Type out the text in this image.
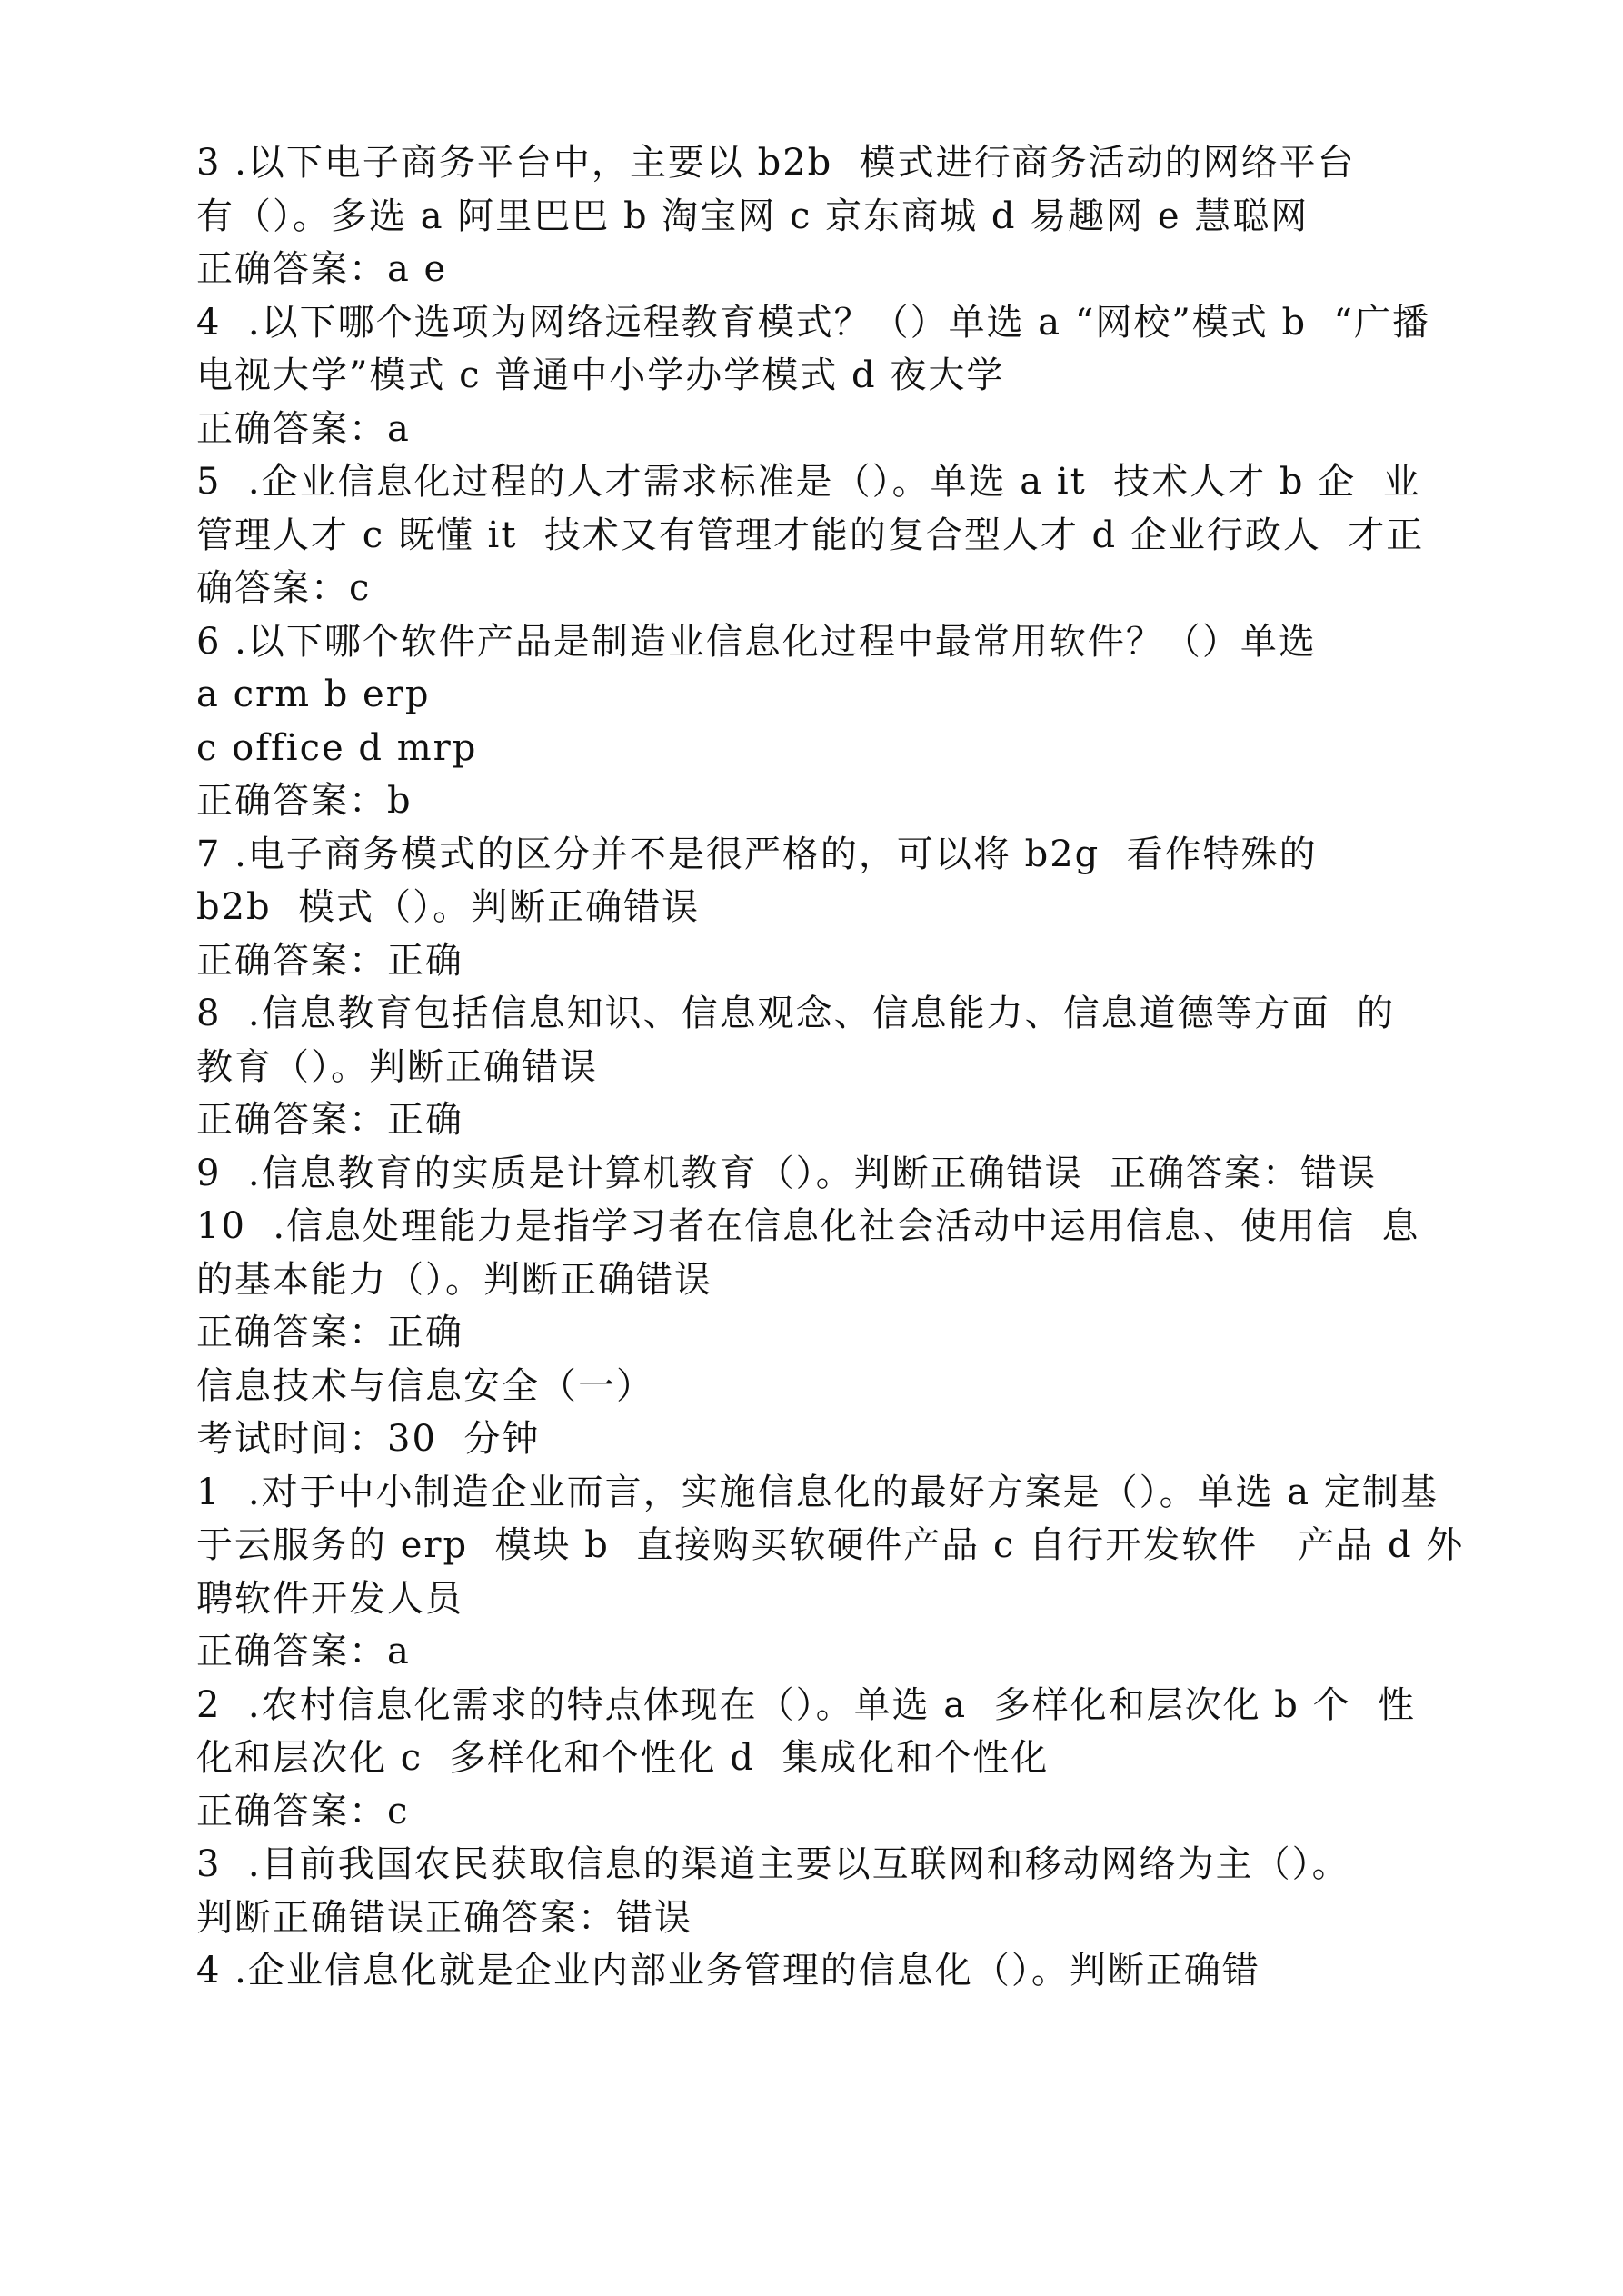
3 .以下电子商务平台中，主要以 b2b  模式进行商务活动的网络平台
有（）。多选 a 阿里巴巴 b 淘宝网 c 京东商城 d 易趣网 e 慧聪网
正确答案：a e
4  .以下哪个选项为网络远程教育模式？（）单选 a “网校”模式 b  “广播
电视大学”模式 c 普通中小学办学模式 d 夜大学
正确答案：a
5  .企业信息化过程的人才需求标准是（）。单选 a it  技术人才 b 企  业
管理人才 c 既懂 it  技术又有管理才能的复合型人才 d 企业行政人  才正
确答案：c
6 .以下哪个软件产品是制造业信息化过程中最常用软件？（）单选
a crm b erp
c office d mrp
正确答案：b
7 .电子商务模式的区分并不是很严格的，可以将 b2g  看作特殊的
b2b  模式（）。判断正确错误
正确答案：正确
8  .信息教育包括信息知识、信息观念、信息能力、信息道德等方面  的
教育（）。判断正确错误
正确答案：正确
9  .信息教育的实质是计算机教育（）。判断正确错误  正确答案：错误
10  .信息处理能力是指学习者在信息化社会活动中运用信息、使用信  息
的基本能力（）。判断正确错误
正确答案：正确
信息技术与信息安全（一）
考试时间：30  分钟
1  .对于中小制造企业而言，实施信息化的最好方案是（）。单选 a 定制基
于云服务的 erp  模块 b  直接购买软硬件产品 c 自行开发软件   产品 d 外
聘软件开发人员
正确答案：a
2  .农村信息化需求的特点体现在（）。单选 a  多样化和层次化 b 个  性
化和层次化 c  多样化和个性化 d  集成化和个性化
正确答案：c
3  .目前我国农民获取信息的渠道主要以互联网和移动网络为主（）。
判断正确错误正确答案：错误
4 .企业信息化就是企业内部业务管理的信息化（）。判断正确错
